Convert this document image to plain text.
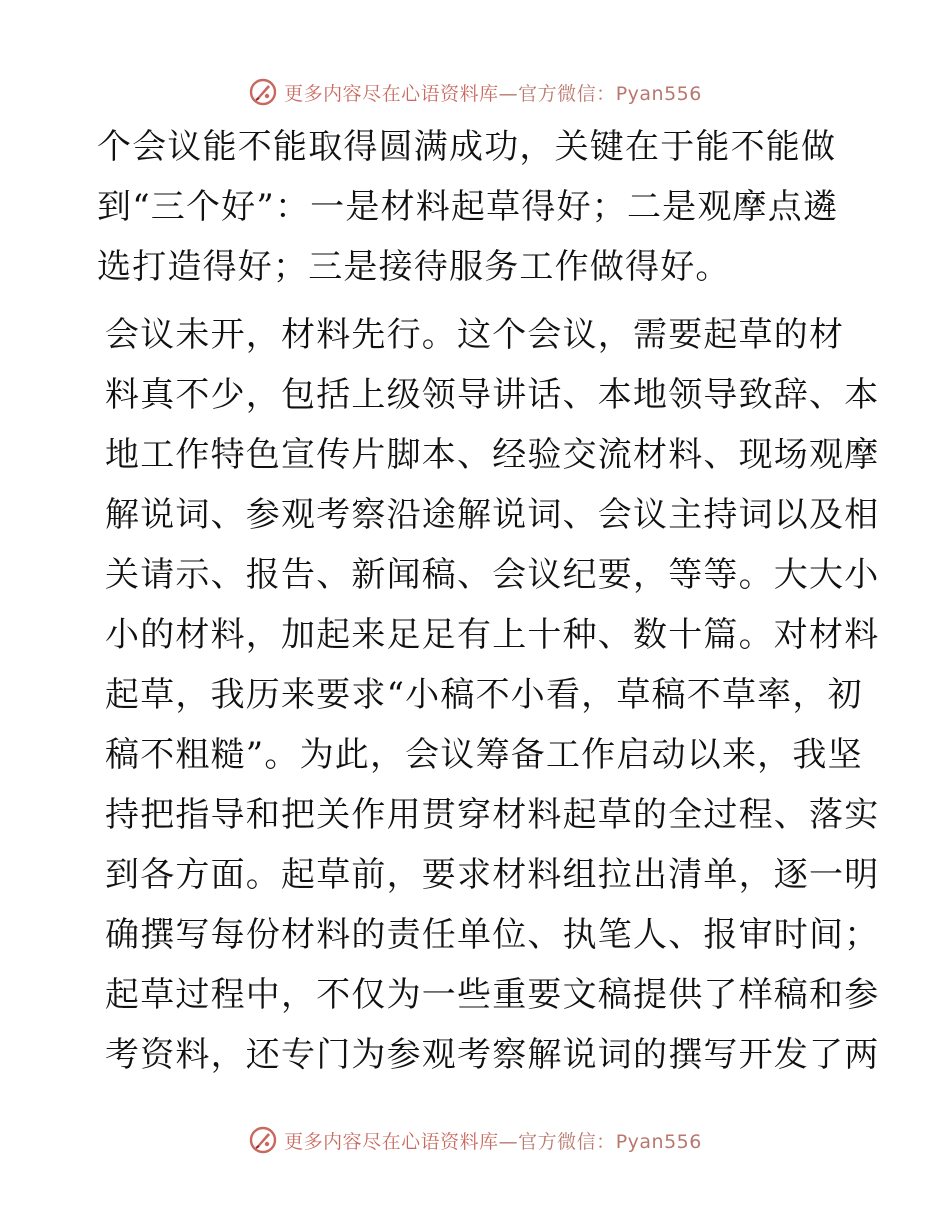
更多内容尽在心语资料库—官方微信：Pyan556

个会议能不能取得圆满成功，关键在于能不能做
到“三个好”：一是材料起草得好；二是观摩点遴
选打造得好；三是接待服务工作做得好。

会议未开，材料先行。这个会议，需要起草的材
料真不少，包括上级领导讲话、本地领导致辞、本
地工作特色宣传片脚本、经验交流材料、现场观摩
解说词、参观考察沿途解说词、会议主持词以及相
关请示、报告、新闻稿、会议纪要，等等。大大小
小的材料，加起来足足有上十种、数十篇。对材料
起草，我历来要求“小稿不小看，草稿不草率，初
稿不粗糙”。为此，会议筹备工作启动以来，我坚
持把指导和把关作用贯穿材料起草的全过程、落实
到各方面。起草前，要求材料组拉出清单，逐一明
确撰写每份材料的责任单位、执笔人、报审时间；
起草过程中，不仅为一些重要文稿提供了样稿和参
考资料，还专门为参观考察解说词的撰写开发了两

更多内容尽在心语资料库—官方微信：Pyan556
